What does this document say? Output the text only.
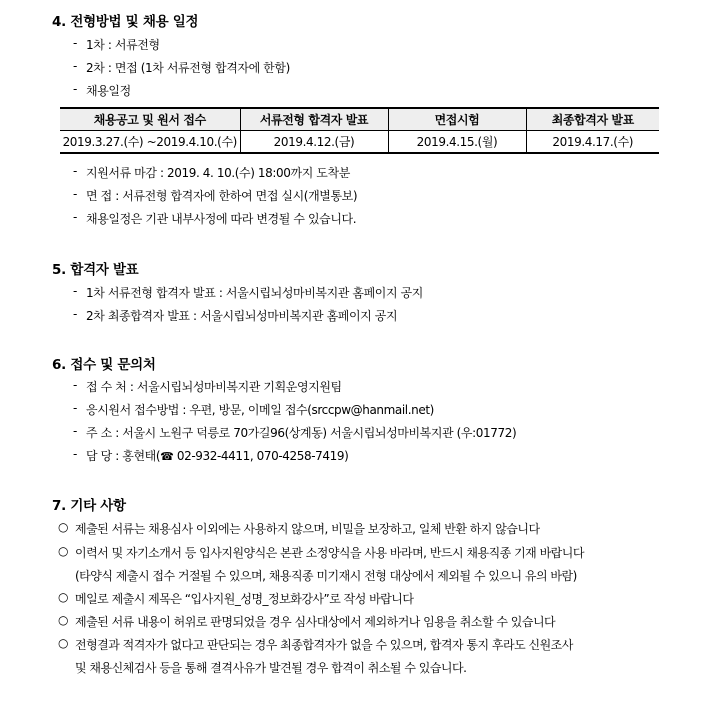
4. 전형방법 및 채용 일정
- 1차 : 서류전형
- 2차 : 면접 (1차 서류전형 합격자에 한함)
- 채용일정
채용공고 및 원서 접수	서류전형 합격자 발표	면접시험	최종합격자 발표
2019.3.27.(수) ~2019.4.10.(수)	2019.4.12.(금)	2019.4.15.(월)	2019.4.17.(수)
- 지원서류 마감 : 2019. 4. 10.(수) 18:00까지 도착분
- 면 접 : 서류전형 합격자에 한하여 면접 실시(개별통보)
- 채용일정은 기관 내부사정에 따라 변경될 수 있습니다.
5. 합격자 발표
- 1차 서류전형 합격자 발표 : 서울시립뇌성마비복지관 홈페이지 공지
- 2차 최종합격자 발표 : 서울시립뇌성마비복지관 홈페이지 공지
6. 접수 및 문의처
- 접 수 처 : 서울시립뇌성마비복지관 기획운영지원팀
- 응시원서 접수방법 : 우편, 방문, 이메일 접수(srccpw@hanmail.net)
- 주 소 : 서울시 노원구 덕릉로 70가길96(상계동) 서울시립뇌성마비복지관 (우:01772)
- 담 당 : 홍현태(☎ 02-932-4411, 070-4258-7419)
7. 기타 사항
○ 제출된 서류는 채용심사 이외에는 사용하지 않으며, 비밀을 보장하고, 일체 반환 하지 않습니다
○ 이력서 및 자기소개서 등 입사지원양식은 본관 소정양식을 사용 바라며, 반드시 채용직종 기재 바랍니다
(타양식 제출시 접수 거절될 수 있으며, 채용직종 미기재시 전형 대상에서 제외될 수 있으니 유의 바람)
○ 메일로 제출시 제목은 “입사지원_성명_정보화강사”로 작성 바랍니다
○ 제출된 서류 내용이 허위로 판명되었을 경우 심사대상에서 제외하거나 임용을 취소할 수 있습니다
○ 전형결과 적격자가 없다고 판단되는 경우 최종합격자가 없을 수 있으며, 합격자 통지 후라도 신원조사
및 채용신체검사 등을 통해 결격사유가 발견될 경우 합격이 취소될 수 있습니다.
